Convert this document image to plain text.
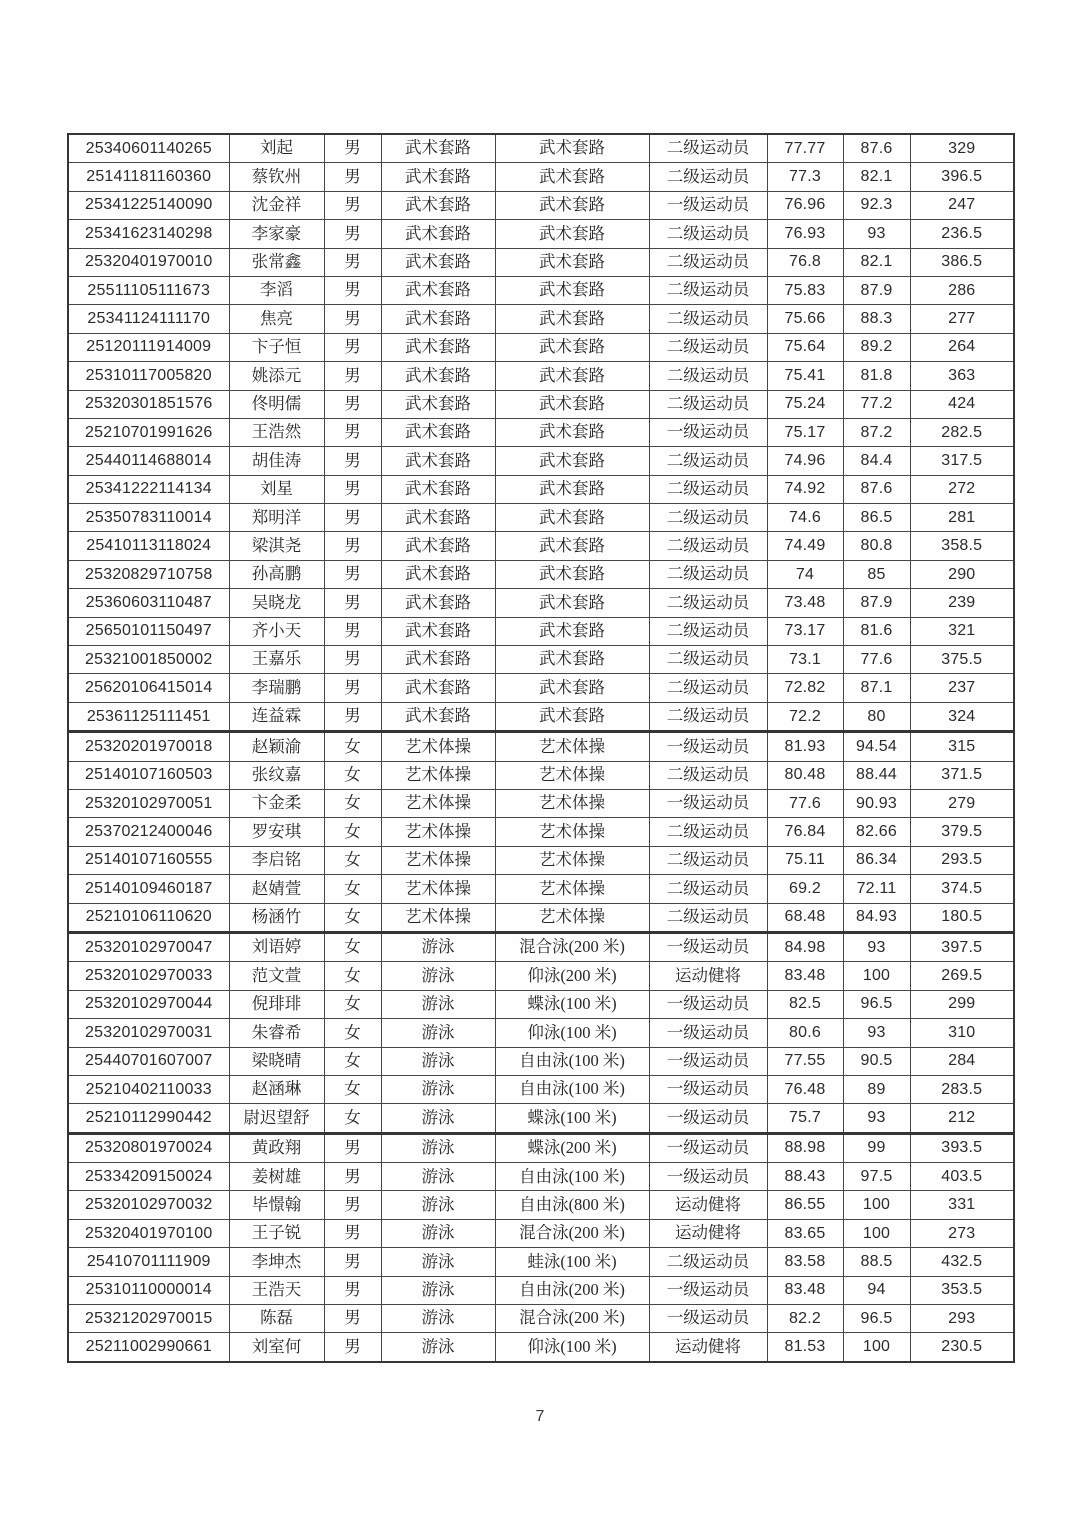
25340601140265	刘起	男	武术套路	武术套路	二级运动员	77.77	87.6	329
25141181160360	蔡钦州	男	武术套路	武术套路	二级运动员	77.3	82.1	396.5
25341225140090	沈金祥	男	武术套路	武术套路	一级运动员	76.96	92.3	247
25341623140298	李家豪	男	武术套路	武术套路	二级运动员	76.93	93	236.5
25320401970010	张常鑫	男	武术套路	武术套路	二级运动员	76.8	82.1	386.5
25511105111673	李滔	男	武术套路	武术套路	二级运动员	75.83	87.9	286
25341124111170	焦亮	男	武术套路	武术套路	二级运动员	75.66	88.3	277
25120111914009	卞子恒	男	武术套路	武术套路	二级运动员	75.64	89.2	264
25310117005820	姚添元	男	武术套路	武术套路	二级运动员	75.41	81.8	363
25320301851576	佟明儒	男	武术套路	武术套路	二级运动员	75.24	77.2	424
25210701991626	王浩然	男	武术套路	武术套路	一级运动员	75.17	87.2	282.5
25440114688014	胡佳涛	男	武术套路	武术套路	二级运动员	74.96	84.4	317.5
25341222114134	刘星	男	武术套路	武术套路	二级运动员	74.92	87.6	272
25350783110014	郑明洋	男	武术套路	武术套路	二级运动员	74.6	86.5	281
25410113118024	梁淇尧	男	武术套路	武术套路	二级运动员	74.49	80.8	358.5
25320829710758	孙高鹏	男	武术套路	武术套路	二级运动员	74	85	290
25360603110487	吴晓龙	男	武术套路	武术套路	二级运动员	73.48	87.9	239
25650101150497	齐小天	男	武术套路	武术套路	二级运动员	73.17	81.6	321
25321001850002	王嘉乐	男	武术套路	武术套路	二级运动员	73.1	77.6	375.5
25620106415014	李瑞鹏	男	武术套路	武术套路	二级运动员	72.82	87.1	237
25361125111451	连益霖	男	武术套路	武术套路	二级运动员	72.2	80	324
25320201970018	赵颖渝	女	艺术体操	艺术体操	一级运动员	81.93	94.54	315
25140107160503	张纹嘉	女	艺术体操	艺术体操	二级运动员	80.48	88.44	371.5
25320102970051	卞金柔	女	艺术体操	艺术体操	一级运动员	77.6	90.93	279
25370212400046	罗安琪	女	艺术体操	艺术体操	二级运动员	76.84	82.66	379.5
25140107160555	李启铭	女	艺术体操	艺术体操	二级运动员	75.11	86.34	293.5
25140109460187	赵婧萱	女	艺术体操	艺术体操	二级运动员	69.2	72.11	374.5
25210106110620	杨涵竹	女	艺术体操	艺术体操	二级运动员	68.48	84.93	180.5
25320102970047	刘语婷	女	游泳	混合泳(200 米)	一级运动员	84.98	93	397.5
25320102970033	范文萱	女	游泳	仰泳(200 米)	运动健将	83.48	100	269.5
25320102970044	倪琲琲	女	游泳	蝶泳(100 米)	一级运动员	82.5	96.5	299
25320102970031	朱睿希	女	游泳	仰泳(100 米)	一级运动员	80.6	93	310
25440701607007	梁晓晴	女	游泳	自由泳(100 米)	一级运动员	77.55	90.5	284
25210402110033	赵涵琳	女	游泳	自由泳(100 米)	一级运动员	76.48	89	283.5
25210112990442	尉迟望舒	女	游泳	蝶泳(100 米)	一级运动员	75.7	93	212
25320801970024	黄政翔	男	游泳	蝶泳(200 米)	一级运动员	88.98	99	393.5
25334209150024	姜树雄	男	游泳	自由泳(100 米)	一级运动员	88.43	97.5	403.5
25320102970032	毕憬翰	男	游泳	自由泳(800 米)	运动健将	86.55	100	331
25320401970100	王子锐	男	游泳	混合泳(200 米)	运动健将	83.65	100	273
25410701111909	李坤杰	男	游泳	蛙泳(100 米)	二级运动员	83.58	88.5	432.5
25310110000014	王浩天	男	游泳	自由泳(200 米)	一级运动员	83.48	94	353.5
25321202970015	陈磊	男	游泳	混合泳(200 米)	一级运动员	82.2	96.5	293
25211002990661	刘室何	男	游泳	仰泳(100 米)	运动健将	81.53	100	230.5
7
